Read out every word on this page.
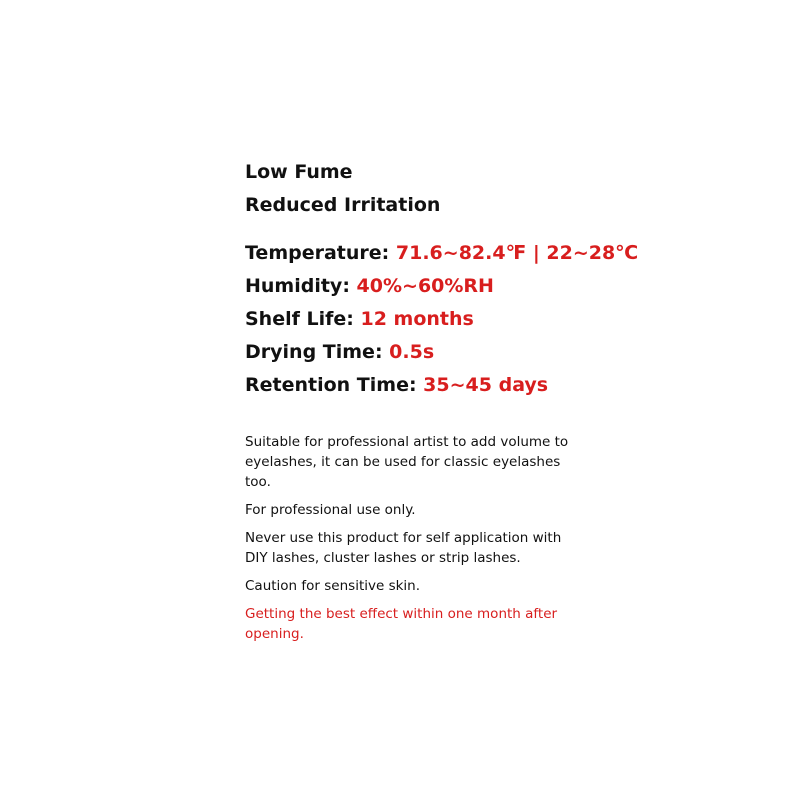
Low Fume
Reduced Irritation
Temperature: 71.6~82.4℉ | 22~28℃
Humidity: 40%~60%RH
Shelf Life: 12 months
Drying Time: 0.5s
Retention Time: 35~45 days

Suitable for professional artist to add volume to eyelashes, it can be used for classic eyelashes too.

For professional use only.

Never use this product for self application with DIY lashes, cluster lashes or strip lashes.

Caution for sensitive skin.

Getting the best effect within one month after opening.
